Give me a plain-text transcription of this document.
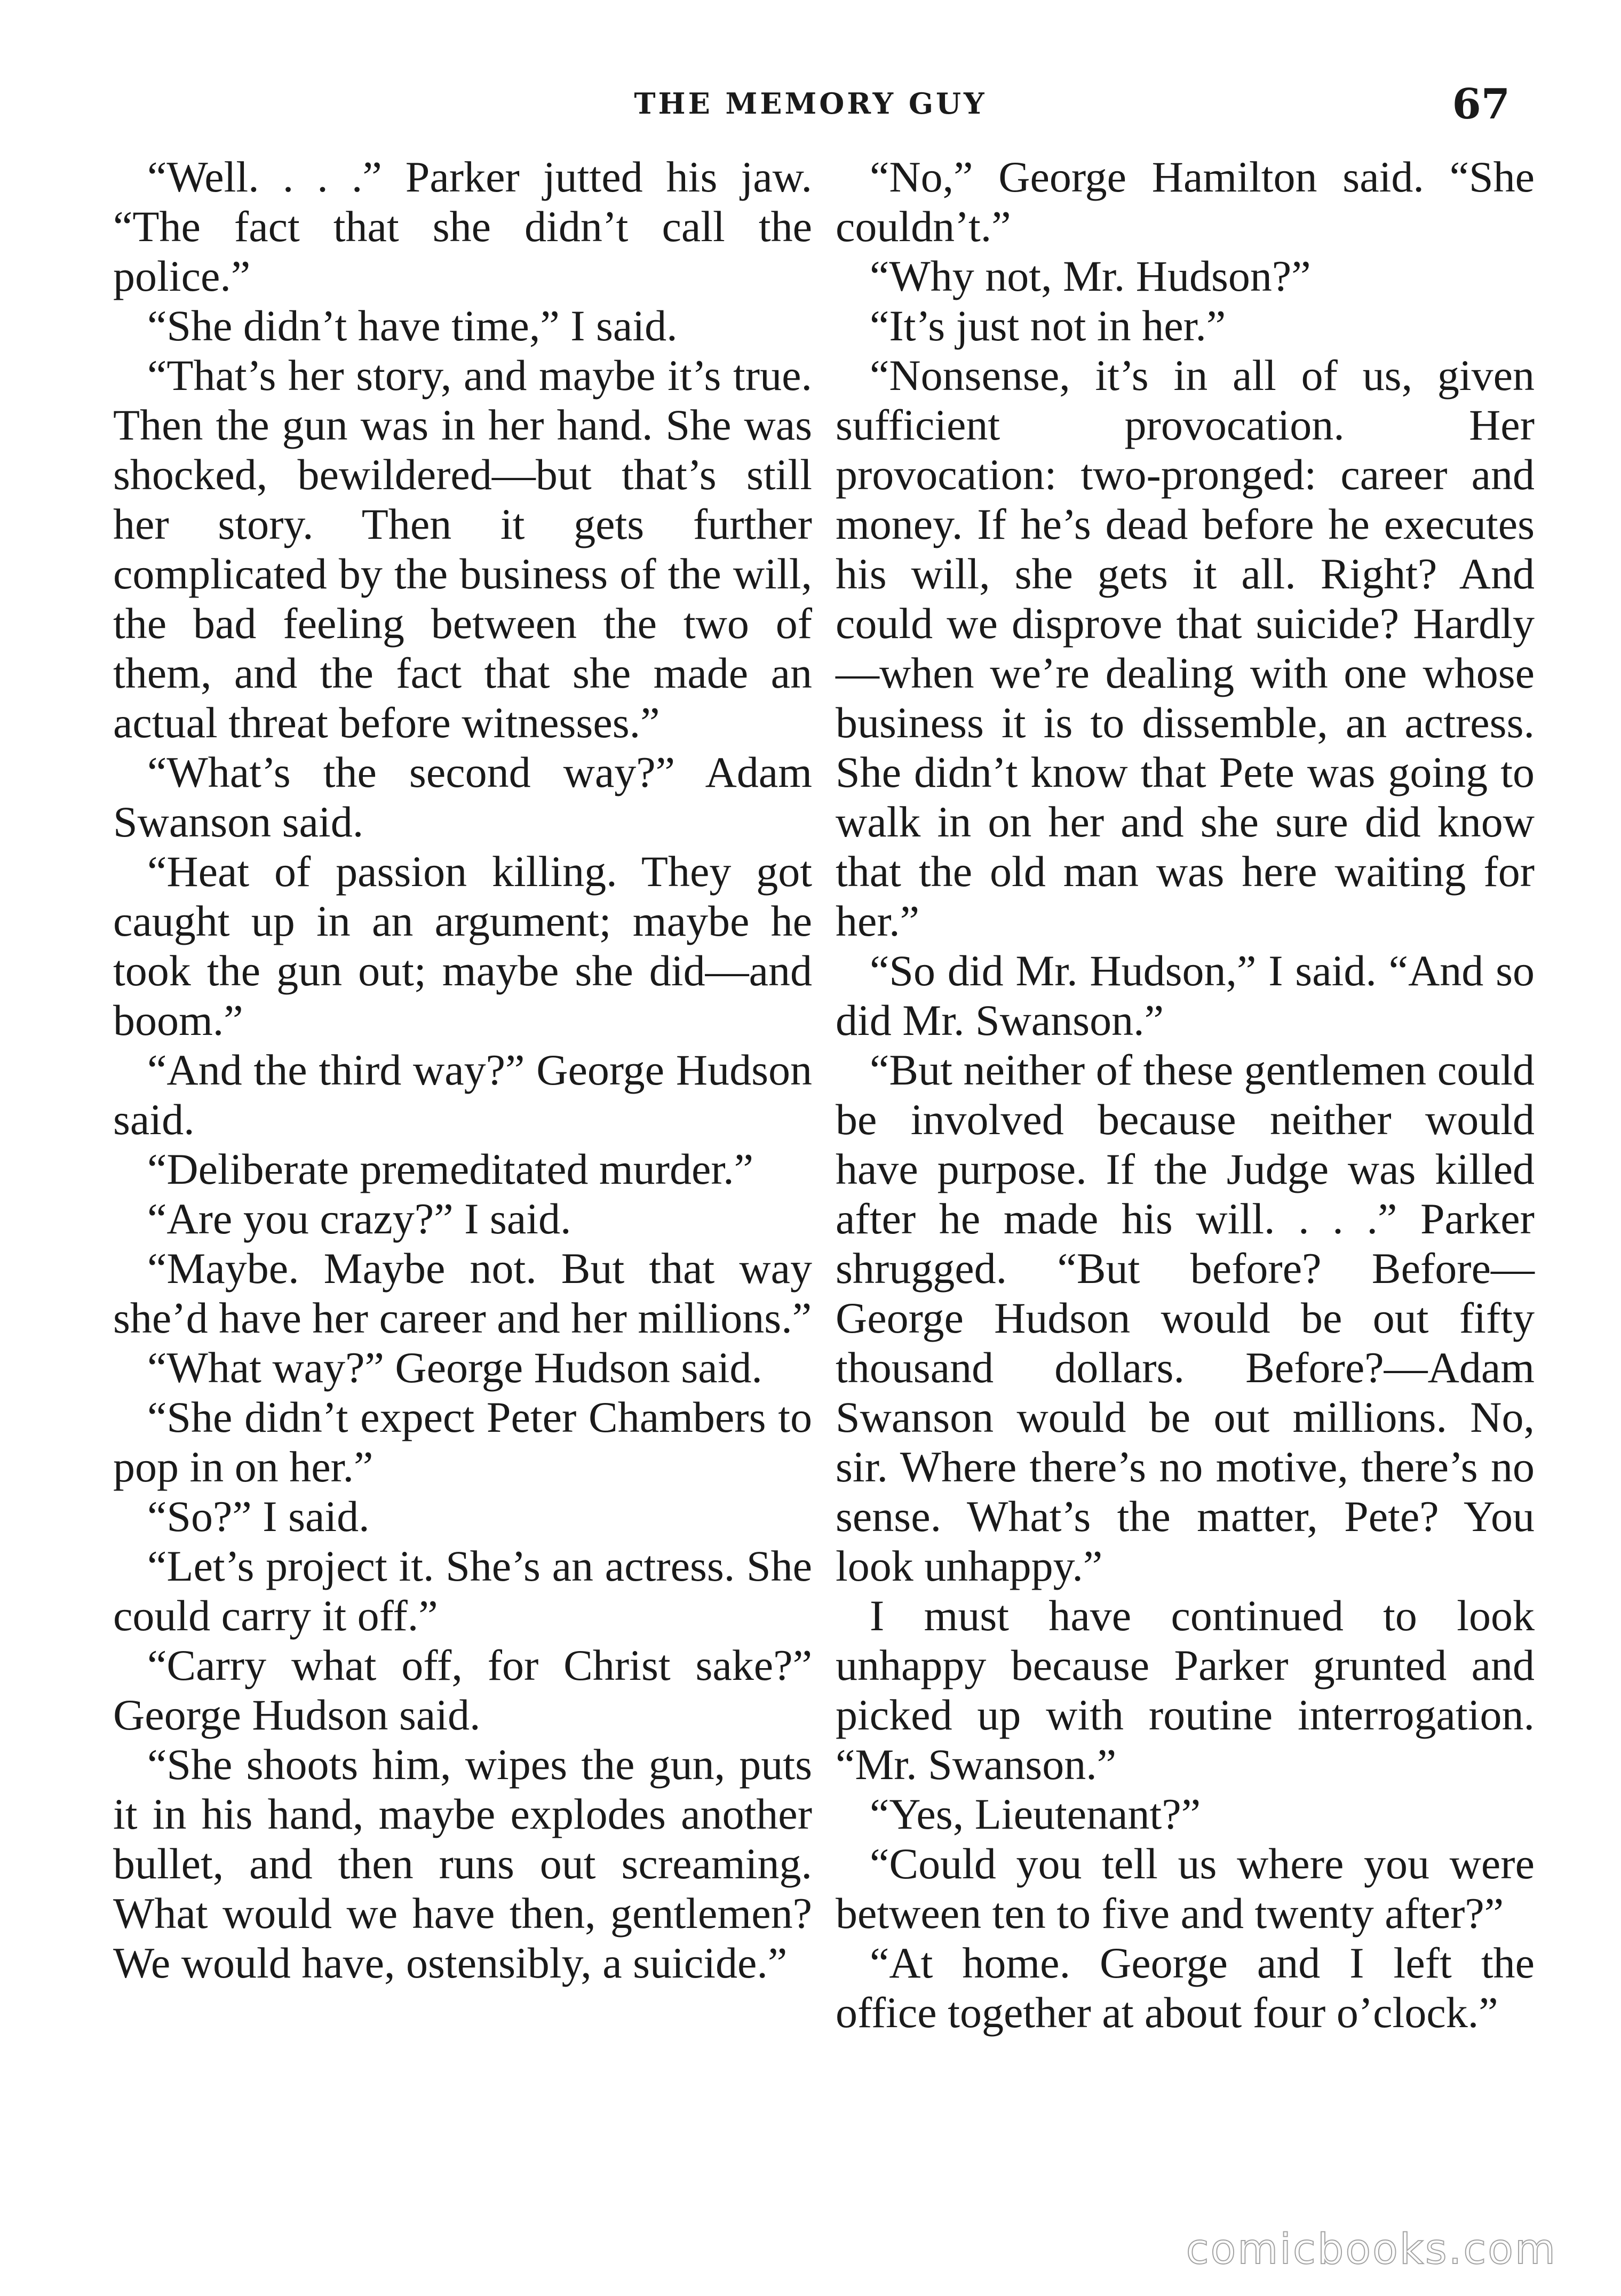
THE MEMORY GUY	67

“Well. . . .” Parker jutted his jaw. “The fact that she didn’t call the police.”

“She didn’t have time,” I said.

“That’s her story, and maybe it’s true. Then the gun was in her hand. She was shocked, bewildered—but that’s still her story. Then it gets further complicated by the business of the will, the bad feeling between the two of them, and the fact that she made an actual threat before witnesses.”

“What’s the second way?” Adam Swanson said.

“Heat of passion killing. They got caught up in an argument; maybe he took the gun out; maybe she did—and boom.”

“And the third way?” George Hudson said.

“Deliberate premeditated murder.”

“Are you crazy?” I said.

“Maybe. Maybe not. But that way she’d have her career and her millions.”

“What way?” George Hudson said.

“She didn’t expect Peter Chambers to pop in on her.”

“So?” I said.

“Let’s project it. She’s an actress. She could carry it off.”

“Carry what off, for Christ sake?” George Hudson said.

“She shoots him, wipes the gun, puts it in his hand, maybe explodes another bullet, and then runs out screaming. What would we have then, gentlemen? We would have, ostensibly, a suicide.”

“No,” George Hamilton said. “She couldn’t.”

“Why not, Mr. Hudson?”

“It’s just not in her.”

“Nonsense, it’s in all of us, given sufficient provocation. Her provocation: two-pronged: career and money. If he’s dead before he executes his will, she gets it all. Right? And could we disprove that suicide? Hardly—when we’re dealing with one whose business it is to dissemble, an actress. She didn’t know that Pete was going to walk in on her and she sure did know that the old man was here waiting for her.”

“So did Mr. Hudson,” I said. “And so did Mr. Swanson.”

“But neither of these gentlemen could be involved because neither would have purpose. If the Judge was killed after he made his will. . . .” Parker shrugged. “But before? Before—George Hudson would be out fifty thousand dollars. Before?—Adam Swanson would be out millions. No, sir. Where there’s no motive, there’s no sense. What’s the matter, Pete? You look unhappy.”

I must have continued to look unhappy because Parker grunted and picked up with routine interrogation. “Mr. Swanson.”

“Yes, Lieutenant?”

“Could you tell us where you were between ten to five and twenty after?”

“At home. George and I left the office together at about four o’clock.”

comicbooks.com
